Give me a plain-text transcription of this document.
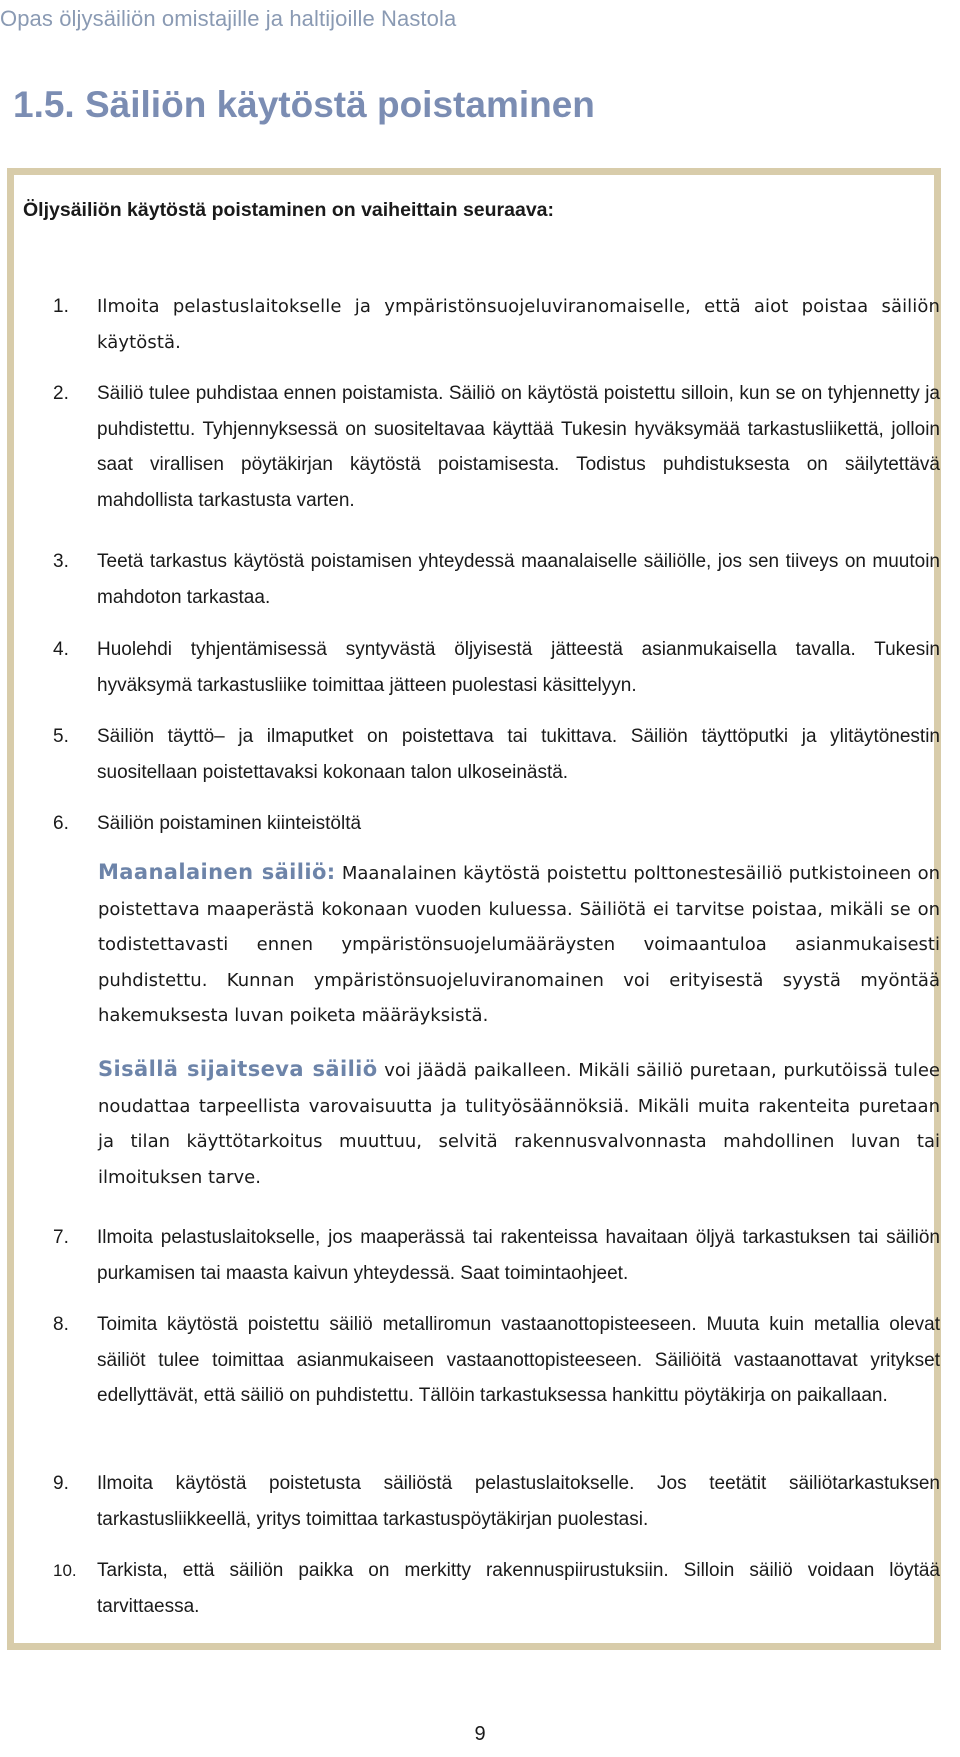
Opas öljysäiliön omistajille ja haltijoille Nastola
1.5. Säiliön käytöstä poistaminen
Öljysäiliön käytöstä poistaminen on vaiheittain seuraava:
1. Ilmoita pelastuslaitokselle ja ympäristönsuojeluviranomaiselle, että aiot poistaa säiliön käytöstä.
2. Säiliö tulee puhdistaa ennen poistamista. Säiliö on käytöstä poistettu silloin, kun se on tyhjennetty ja puhdistettu. Tyhjennyksessä on suositeltavaa käyttää Tukesin hyväksymää tarkastusliikettä, jolloin saat virallisen pöytäkirjan käytöstä poistamisesta. Todistus puhdistuksesta on säilytettävä mahdollista tarkastusta varten.
3. Teetä tarkastus käytöstä poistamisen yhteydessä maanalaiselle säiliölle, jos sen tiiveys on muutoin mahdoton tarkastaa.
4. Huolehdi tyhjentämisessä syntyvästä öljyisestä jätteestä asianmukaisella tavalla. Tukesin hyväksymä tarkastusliike toimittaa jätteen puolestasi käsittelyyn.
5. Säiliön täyttö– ja ilmaputket on poistettava tai tukittava. Säiliön täyttöputki ja ylitäytönestin suositellaan poistettavaksi kokonaan talon ulkoseinästä.
6. Säiliön poistaminen kiinteistöltä
Maanalainen säiliö: Maanalainen käytöstä poistettu polttonestesäiliö putkistoineen on poistettava maaperästä kokonaan vuoden kuluessa. Säiliötä ei tarvitse poistaa, mikäli se on todistettavasti ennen ympäristönsuojelumääräysten voimaantuloa asianmukaisesti puhdistettu. Kunnan ympäristönsuojeluviranomainen voi erityisestä syystä myöntää hakemuksesta luvan poiketa määräyksistä.
Sisällä sijaitseva säiliö voi jäädä paikalleen. Mikäli säiliö puretaan, purkutöissä tulee noudattaa tarpeellista varovaisuutta ja tulityösäännöksiä. Mikäli muita rakenteita puretaan ja tilan käyttötarkoitus muuttuu, selvitä rakennusvalvonnasta mahdollinen luvan tai ilmoituksen tarve.
7. Ilmoita pelastuslaitokselle, jos maaperässä tai rakenteissa havaitaan öljyä tarkastuksen tai säiliön purkamisen tai maasta kaivun yhteydessä. Saat toimintaohjeet.
8. Toimita käytöstä poistettu säiliö metalliromun vastaanottopisteeseen. Muuta kuin metallia olevat säiliöt tulee toimittaa asianmukaiseen vastaanottopisteeseen. Säiliöitä vastaanottavat yritykset edellyttävät, että säiliö on puhdistettu. Tällöin tarkastuksessa hankittu pöytäkirja on paikallaan.
9. Ilmoita käytöstä poistetusta säiliöstä pelastuslaitokselle. Jos teetätit säiliötarkastuksen tarkastusliikkeellä, yritys toimittaa tarkastuspöytäkirjan puolestasi.
10. Tarkista, että säiliön paikka on merkitty rakennuspiirustuksiin. Silloin säiliö voidaan löytää tarvittaessa.
9
